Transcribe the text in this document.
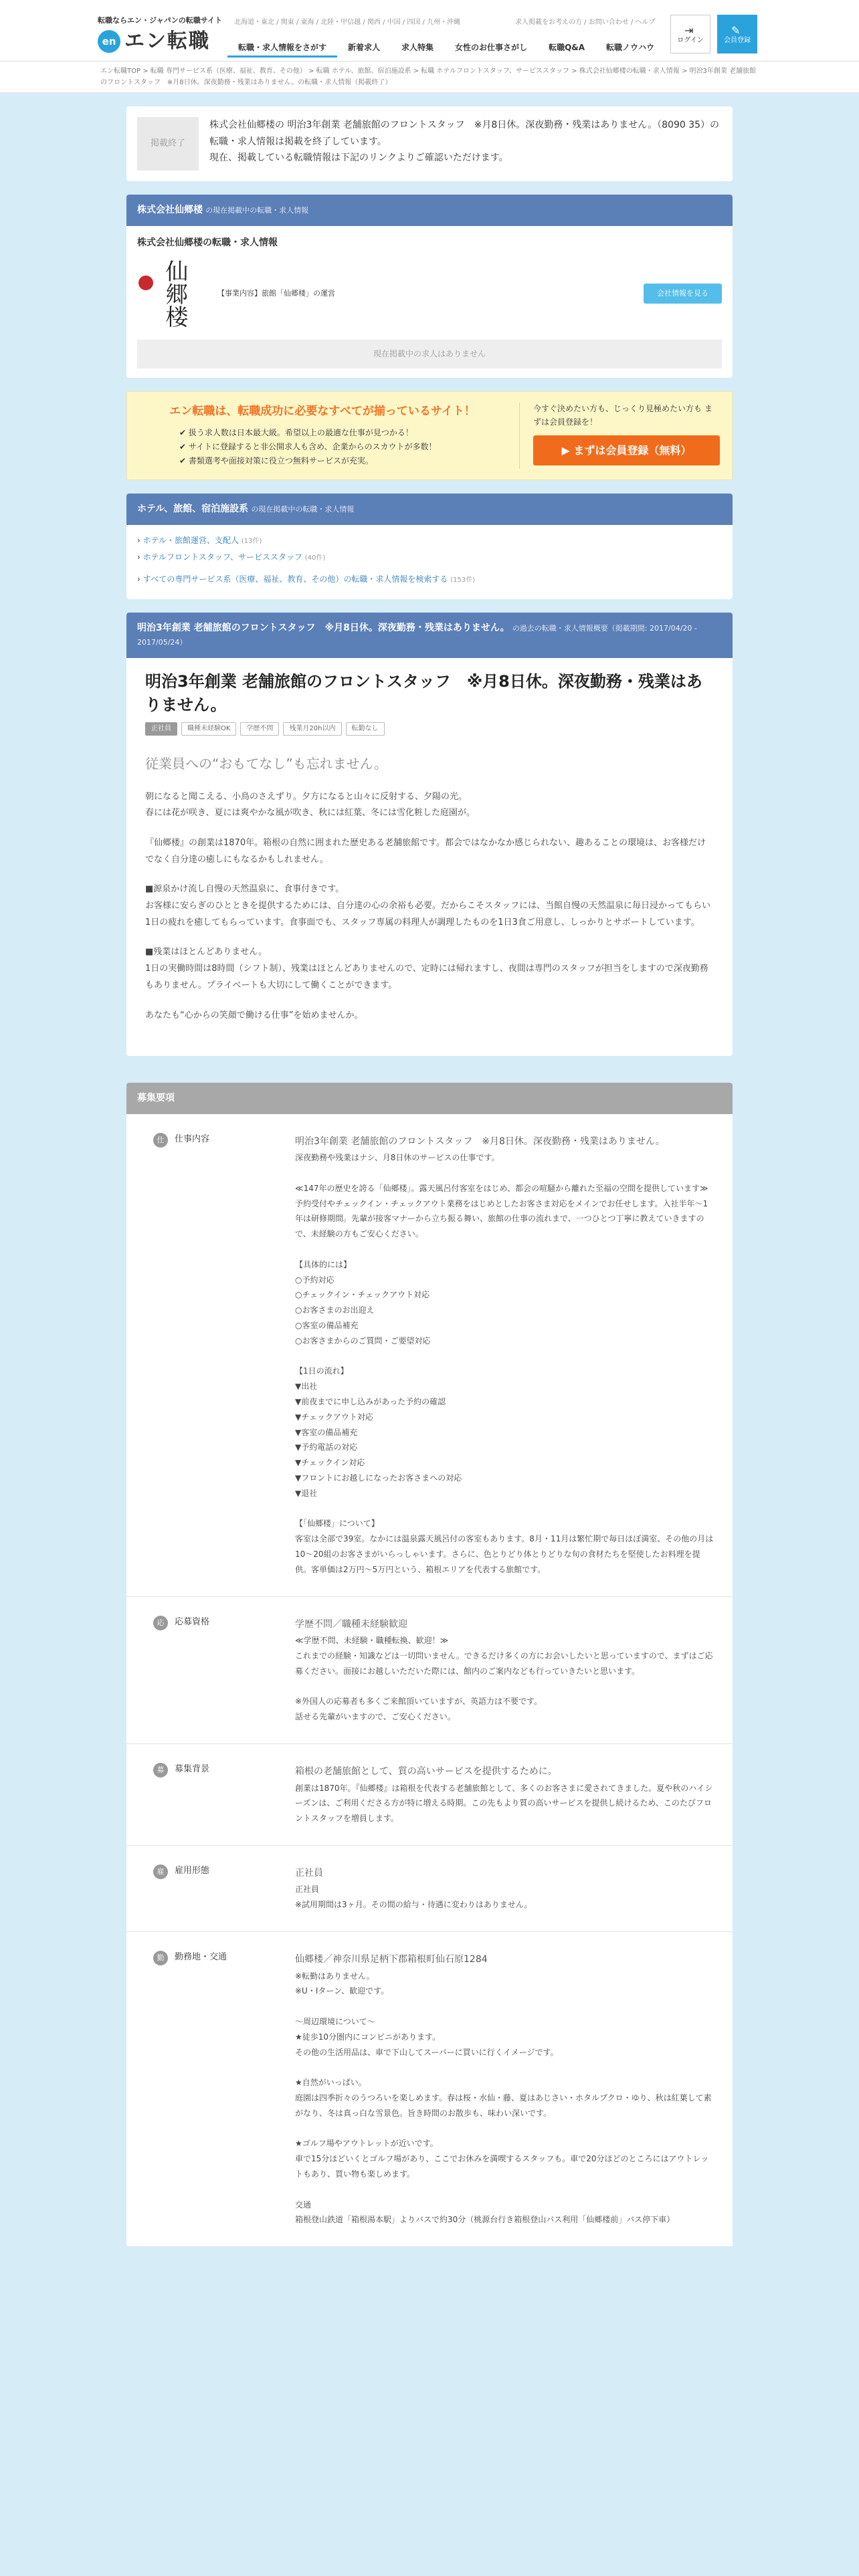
転職ならエン・ジャパンの転職サイト
en エン転職
北海道・東北 / 関東 / 東海 / 北陸・甲信越 / 関西 / 中国 / 四国 / 九州・沖縄	求人掲載をお考えの方 / お問い合わせ / ヘルプ
転職・求人情報をさがす	新着求人	求人特集	女性のお仕事さがし	転職Q&A	転職ノウハウ
⇥
ログイン
✎
会員登録
エン転職TOP > 転職 専門サービス系（医療、福祉、教育、その他） > 転職 ホテル、旅館、宿泊施設系 > 転職 ホテルフロントスタッフ、サービススタッフ > 株式会社仙郷楼の転職・求人情報 > 明治3年創業 老舗旅館のフロントスタッフ　※月8日休。深夜勤務・残業はありません。の転職・求人情報（掲載終了）
掲載終了

株式会社仙郷楼の 明治3年創業 老舗旅館のフロントスタッフ　※月8日休。深夜勤務・残業はありません。（8090 35）の転職・求人情報は掲載を終了しています。

現在、掲載している転職情報は下記のリンクよりご確認いただけます。

株式会社仙郷楼 の現在掲載中の転職・求人情報
株式会社仙郷楼の転職・求人情報
仙郷楼	【事業内容】旅館「仙郷楼」の運営	会社情報を見る
現在掲載中の求人はありません
エン転職は、転職成功に必要なすべてが揃っているサイト！
✔ 扱う求人数は日本最大級。希望以上の最適な仕事が見つかる！
✔ サイトに登録すると非公開求人も含め、企業からのスカウトが多数！
✔ 書類選考や面接対策に役立つ無料サービスが充実。
今すぐ決めたい方も、じっくり見極めたい方も まずは会員登録を！
▶ まずは会員登録（無料）
ホテル、旅館、宿泊施設系 の現在掲載中の転職・求人情報
› ホテル・旅館運営、支配人 (13件)
› ホテルフロントスタッフ、サービススタッフ (40件)
› すべての専門サービス系（医療、福祉、教育、その他）の転職・求人情報を検索する (153件)
明治3年創業 老舗旅館のフロントスタッフ　※月8日休。深夜勤務・残業はありません。 の過去の転職・求人情報概要（掲載期間: 2017/04/20 - 2017/05/24）
明治3年創業 老舗旅館のフロントスタッフ　※月8日休。深夜勤務・残業はありません。
正社員	職種未経験OK	学歴不問	残業月20h以内	転勤なし
従業員への“おもてなし”も忘れません。

朝になると聞こえる、小鳥のさえずり。夕方になると山々に反射する、夕陽の光。
春には花が咲き、夏には爽やかな風が吹き、秋には紅葉、冬には雪化粧した庭園が。

『仙郷楼』の創業は1870年。箱根の自然に囲まれた歴史ある老舗旅館です。都会ではなかなか感じられない、趣あることの環境は、お客様だけでなく自分達の癒しにもなるかもしれません。

■源泉かけ流し自慢の天然温泉に、食事付きです。
お客様に安らぎのひとときを提供するためには、自分達の心の余裕も必要。だからこそスタッフには、当館自慢の天然温泉に毎日浸かってもらい1日の疲れを癒してもらっています。食事面でも、スタッフ専属の料理人が調理したものを1日3食ご用意し、しっかりとサポートしています。

■残業はほとんどありません。
1日の実働時間は8時間（シフト制）、残業はほとんどありませんので、定時には帰れますし、夜間は専門のスタッフが担当をしますので深夜勤務もありません。プライベートも大切にして働くことができます。

あなたも“心からの笑顔で働ける仕事”を始めませんか。

募集要項
仕	仕事内容	明治3年創業 老舗旅館のフロントスタッフ　※月8日休。深夜勤務・残業はありません。
深夜勤務や残業はナシ、月8日休のサービスの仕事です。

≪147年の歴史を誇る「仙郷楼」。露天風呂付客室をはじめ、都会の喧騒から離れた至福の空間を提供しています≫
予約受付やチェックイン・チェックアウト業務をはじめとしたお客さま対応をメインでお任せします。入社半年〜1年は研修期間。先輩が接客マナーから立ち振る舞い、旅館の仕事の流れまで、一つひとつ丁寧に教えていきますので、未経験の方もご安心ください。

【具体的には】
○予約対応
○チェックイン・チェックアウト対応
○お客さまのお出迎え
○客室の備品補充
○お客さまからのご質問・ご要望対応

【1日の流れ】
▼出社
▼前夜までに申し込みがあった予約の確認
▼チェックアウト対応
▼客室の備品補充
▼予約電話の対応
▼チェックイン対応
▼フロントにお越しになったお客さまへの対応
▼退社

【「仙郷楼」について】
客室は全部で39室。なかには温泉露天風呂付の客室もあります。8月・11月は繁忙期で毎日ほぼ満室、その他の月は10〜20組のお客さまがいらっしゃいます。さらに、色とりどり体とりどりな旬の食材たちを堅使したお料理を提供。客単価は2万円〜5万円という、箱根エリアを代表する旅館です。
応	応募資格	学歴不問／職種未経験歓迎
≪学歴不問、未経験・職種転換、歓迎！≫
これまでの経験・知識などは一切問いません。できるだけ多くの方にお会いしたいと思っていますので、まずはご応募ください。面接にお越しいただいた際には、館内のご案内なども行っていきたいと思います。

※外国人の応募者も多くご来館頂いていますが、英語力は不要です。
話せる先輩がいますので、ご安心ください。
募	募集背景	箱根の老舗旅館として、質の高いサービスを提供するために。
創業は1870年。『仙郷楼』は箱根を代表する老舗旅館として、多くのお客さまに愛されてきました。夏や秋のハイシーズンは、ご利用くださる方が特に増える時期。この先もより質の高いサービスを提供し続けるため、このたびフロントスタッフを増員します。
雇	雇用形態	正社員
正社員
※試用期間は3ヶ月。その間の給与・待遇に変わりはありません。
勤	勤務地・交通	仙郷楼／神奈川県足柄下郡箱根町仙石原1284
※転勤はありません。
※U・Iターン、歓迎です。

〜周辺環境について〜
★徒歩10分圏内にコンビニがあります。
その他の生活用品は、車で下山してスーパーに買いに行くイメージです。

★自然がいっぱい。
庭園は四季折々のうつろいを楽しめます。春は桜・水仙・藤、夏はあじさい・ホタルブクロ・ゆり、秋は紅葉して素がなり、冬は真っ白な雪景色。旨き時間のお散歩も、味わい深いです。

★ゴルフ場やアウトレットが近いです。
車で15分ほどいくとゴルフ場があり、ここでお休みを満喫するスタッフも。車で20分ほどのところにはアウトレットもあり、買い物も楽しめます。

交通
箱根登山鉄道「箱根湯本駅」よりバスで約30分（桃源台行き箱根登山バス利用「仙郷楼前」バス停下車）
